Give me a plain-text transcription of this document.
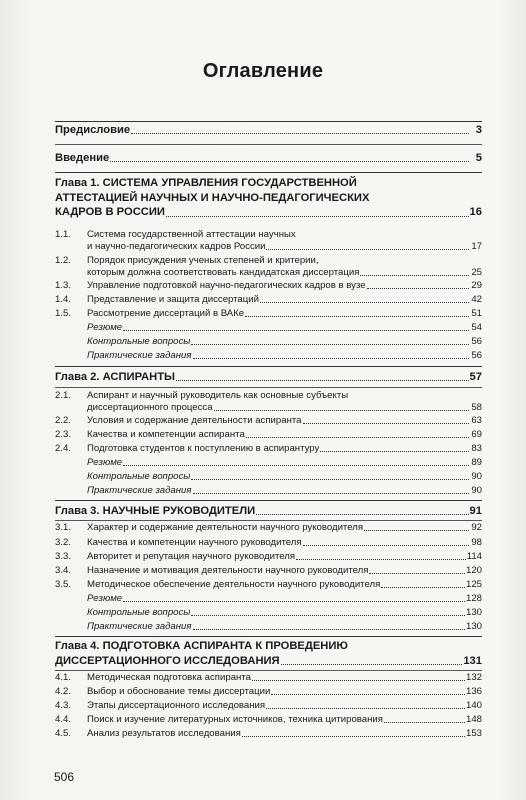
Оглавление
Предисловие	3
Введение	5
Глава 1. СИСТЕМА УПРАВЛЕНИЯ ГОСУДАРСТВЕННОЙ
АТТЕСТАЦИЕЙ НАУЧНЫХ И НАУЧНО-ПЕДАГОГИЧЕСКИХ
КАДРОВ В РОССИИ	16
1.1.	Система государственной аттестации научных
и научно-педагогических кадров России	17
1.2.	Порядок присуждения ученых степеней и критерии,
которым должна соответствовать кандидатская диссертация	25
1.3.	Управление подготовкой научно-педагогических кадров в вузе	29
1.4.	Представление и защита диссертаций	42
1.5.	Рассмотрение диссертаций в ВАКе	51
Резюме	54
Контрольные вопросы	56
Практические задания	56
Глава 2. АСПИРАНТЫ	57
2.1.	Аспирант и научный руководитель как основные субъекты
диссертационного процесса	58
2.2.	Условия и содержание деятельности аспиранта	63
2.3.	Качества и компетенции аспиранта	69
2.4.	Подготовка студентов к поступлению в аспирантуру	83
Резюме	89
Контрольные вопросы	90
Практические задания	90
Глава 3. НАУЧНЫЕ РУКОВОДИТЕЛИ	91
3.1.	Характер и содержание деятельности научного руководителя	92
3.2.	Качества и компетенции научного руководителя	98
3.3.	Авторитет и репутация научного руководителя	114
3.4.	Назначение и мотивация деятельности научного руководителя	120
3.5.	Методическое обеспечение деятельности научного руководителя	125
Резюме	128
Контрольные вопросы	130
Практические задания	130
Глава 4. ПОДГОТОВКА АСПИРАНТА К ПРОВЕДЕНИЮ
ДИССЕРТАЦИОННОГО ИССЛЕДОВАНИЯ	131
4.1.	Методическая подготовка аспиранта	132
4.2.	Выбор и обоснование темы диссертации	136
4.3.	Этапы диссертационного исследования	140
4.4.	Поиск и изучение литературных источников, техника цитирования	148
4.5.	Анализ результатов исследования	153
506
